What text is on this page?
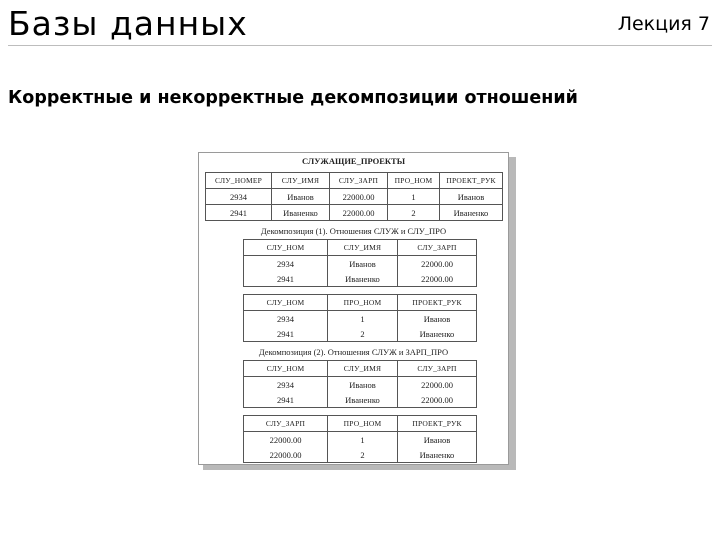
Базы данных	Лекция 7
Корректные и некорректные декомпозиции отношений
СЛУЖАЩИЕ_ПРОЕКТЫ
СЛУ_НОМЕР	СЛУ_ИМЯ	СЛУ_ЗАРП	ПРО_НОМ	ПРОЕКТ_РУК
2934	Иванов	22000.00	1	Иванов
2941	Иваненко	22000.00	2	Иваненко
Декомпозиция (1). Отношения СЛУЖ и СЛУ_ПРО
СЛУ_НОМ	СЛУ_ИМЯ	СЛУ_ЗАРП
2934	Иванов	22000.00
2941	Иваненко	22000.00
СЛУ_НОМ	ПРО_НОМ	ПРОЕКТ_РУК
2934	1	Иванов
2941	2	Иваненко
Декомпозиция (2). Отношения СЛУЖ и ЗАРП_ПРО
СЛУ_НОМ	СЛУ_ИМЯ	СЛУ_ЗАРП
2934	Иванов	22000.00
2941	Иваненко	22000.00
СЛУ_ЗАРП	ПРО_НОМ	ПРОЕКТ_РУК
22000.00	1	Иванов
22000.00	2	Иваненко
